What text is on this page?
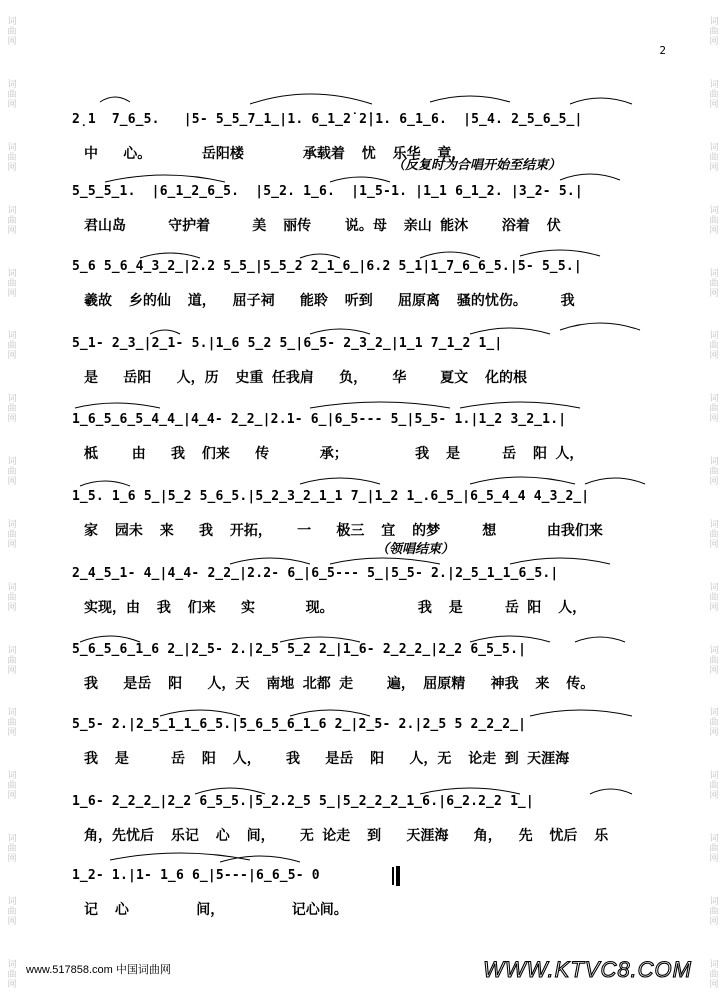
词曲网
词曲网
词曲网
词曲网
词曲网
词曲网
词曲网
词曲网
词曲网
词曲网
词曲网
词曲网
词曲网
词曲网
词曲网
词曲网
词曲网
词曲网
词曲网
词曲网
词曲网
词曲网
词曲网
词曲网
词曲网
词曲网
词曲网
词曲网
词曲网
词曲网
词曲网
词曲网
2
2̣1  7̲6̲5.   |5- 5̲5̲7̲1̲|1. 6̲1̲2̇ 2̇|1. 6̲1̲6.  |5̲4. 2̲5̲6̲5̲|
中   心。      岳阳楼       承载着  忧  乐华  章，
（反复时为合唱开始至结束）
5̲5̲5̲1.  |6̲1̲2̲6̲5.  |5̲2. 1̲6.  |1̲5-1. |1̲1 6̲1̲2. |3̲2- 5.|
君山岛     守护着     美  丽传    说。母  亲山 能沐    浴着  伏
5̲6 5̲6̲4̲3̲2̲|2.2 5̲5̲|5̲5̲2 2̲1̲6̲|6.2 5̲1|1̲7̲6̲6̲5.|5- 5̲5.|
羲故  乡的仙  道，  屈子祠   能聆  听到   屈原离  骚的忧伤。    我
5̲1- 2̲3̲|2̲1- 5.|1̲6 5̲2 5̲|6̲5- 2̲3̲2̲|1̲1 7̲1̲2 1̲|
是   岳阳   人，历  史重 任我肩   负，   华    夏文  化的根
1̲6̲5̲6̲5̲4̲4̲|4̲4- 2̲2̲|2.1- 6̲|6̲5--- 5̲|5̲5- 1.|1̲2 3̲2̲1.|
柢    由   我  们来   传      承；        我  是     岳  阳 人，
1̲5. 1̲6 5̲|5̲2 5̲6̲5.|5̲2̲3̲2̲1̲1 7̲|1̲2 1̲.6̲5̲|6̲5̲4̲4 4̲3̲2̲|
家  园未  来   我  开拓，   一   极三  宜  的梦     想      由我们来
（领唱结束）
2̲4̲5̲1- 4̲|4̲4- 2̲2̲|2.2- 6̲|6̲5--- 5̲|5̲5- 2.|2̲5̲1̲1̲6̲5.|
实现，由  我  们来   实      现。          我  是     岳 阳  人，
5̲6̲5̲6̲1̲6 2̲|2̲5- 2.|2̲5 5̲2 2̲|1̲6- 2̲2̲2̲|2̲2 6̲5̲5.|
我   是岳  阳   人，天  南地 北都 走    遍， 屈原精   神我  来  传。
5̲5- 2.|2̲5̲1̲1̲6̲5.|5̲6̲5̲6̲1̲6 2̲|2̲5- 2.|2̲5 5 2̲2̲2̲|
我  是     岳  阳  人，   我   是岳  阳   人，无  论走 到 天涯海
1̲6- 2̲2̲2̲|2̲2 6̲5̲5.|5̲2.2̲5 5̲|5̲2̲2̲2̲1̲6.|6̲2.2̲2 1̲|
角，先忧后  乐记  心  间，   无 论走  到   天涯海   角，  先  忧后  乐
1̲2- 1.|1- 1̲6 6̲|5---|6̲6̲5- 0
记  心        间，        记心间。
www.517858.com 中国词曲网	WWW.KTVC8.COM
